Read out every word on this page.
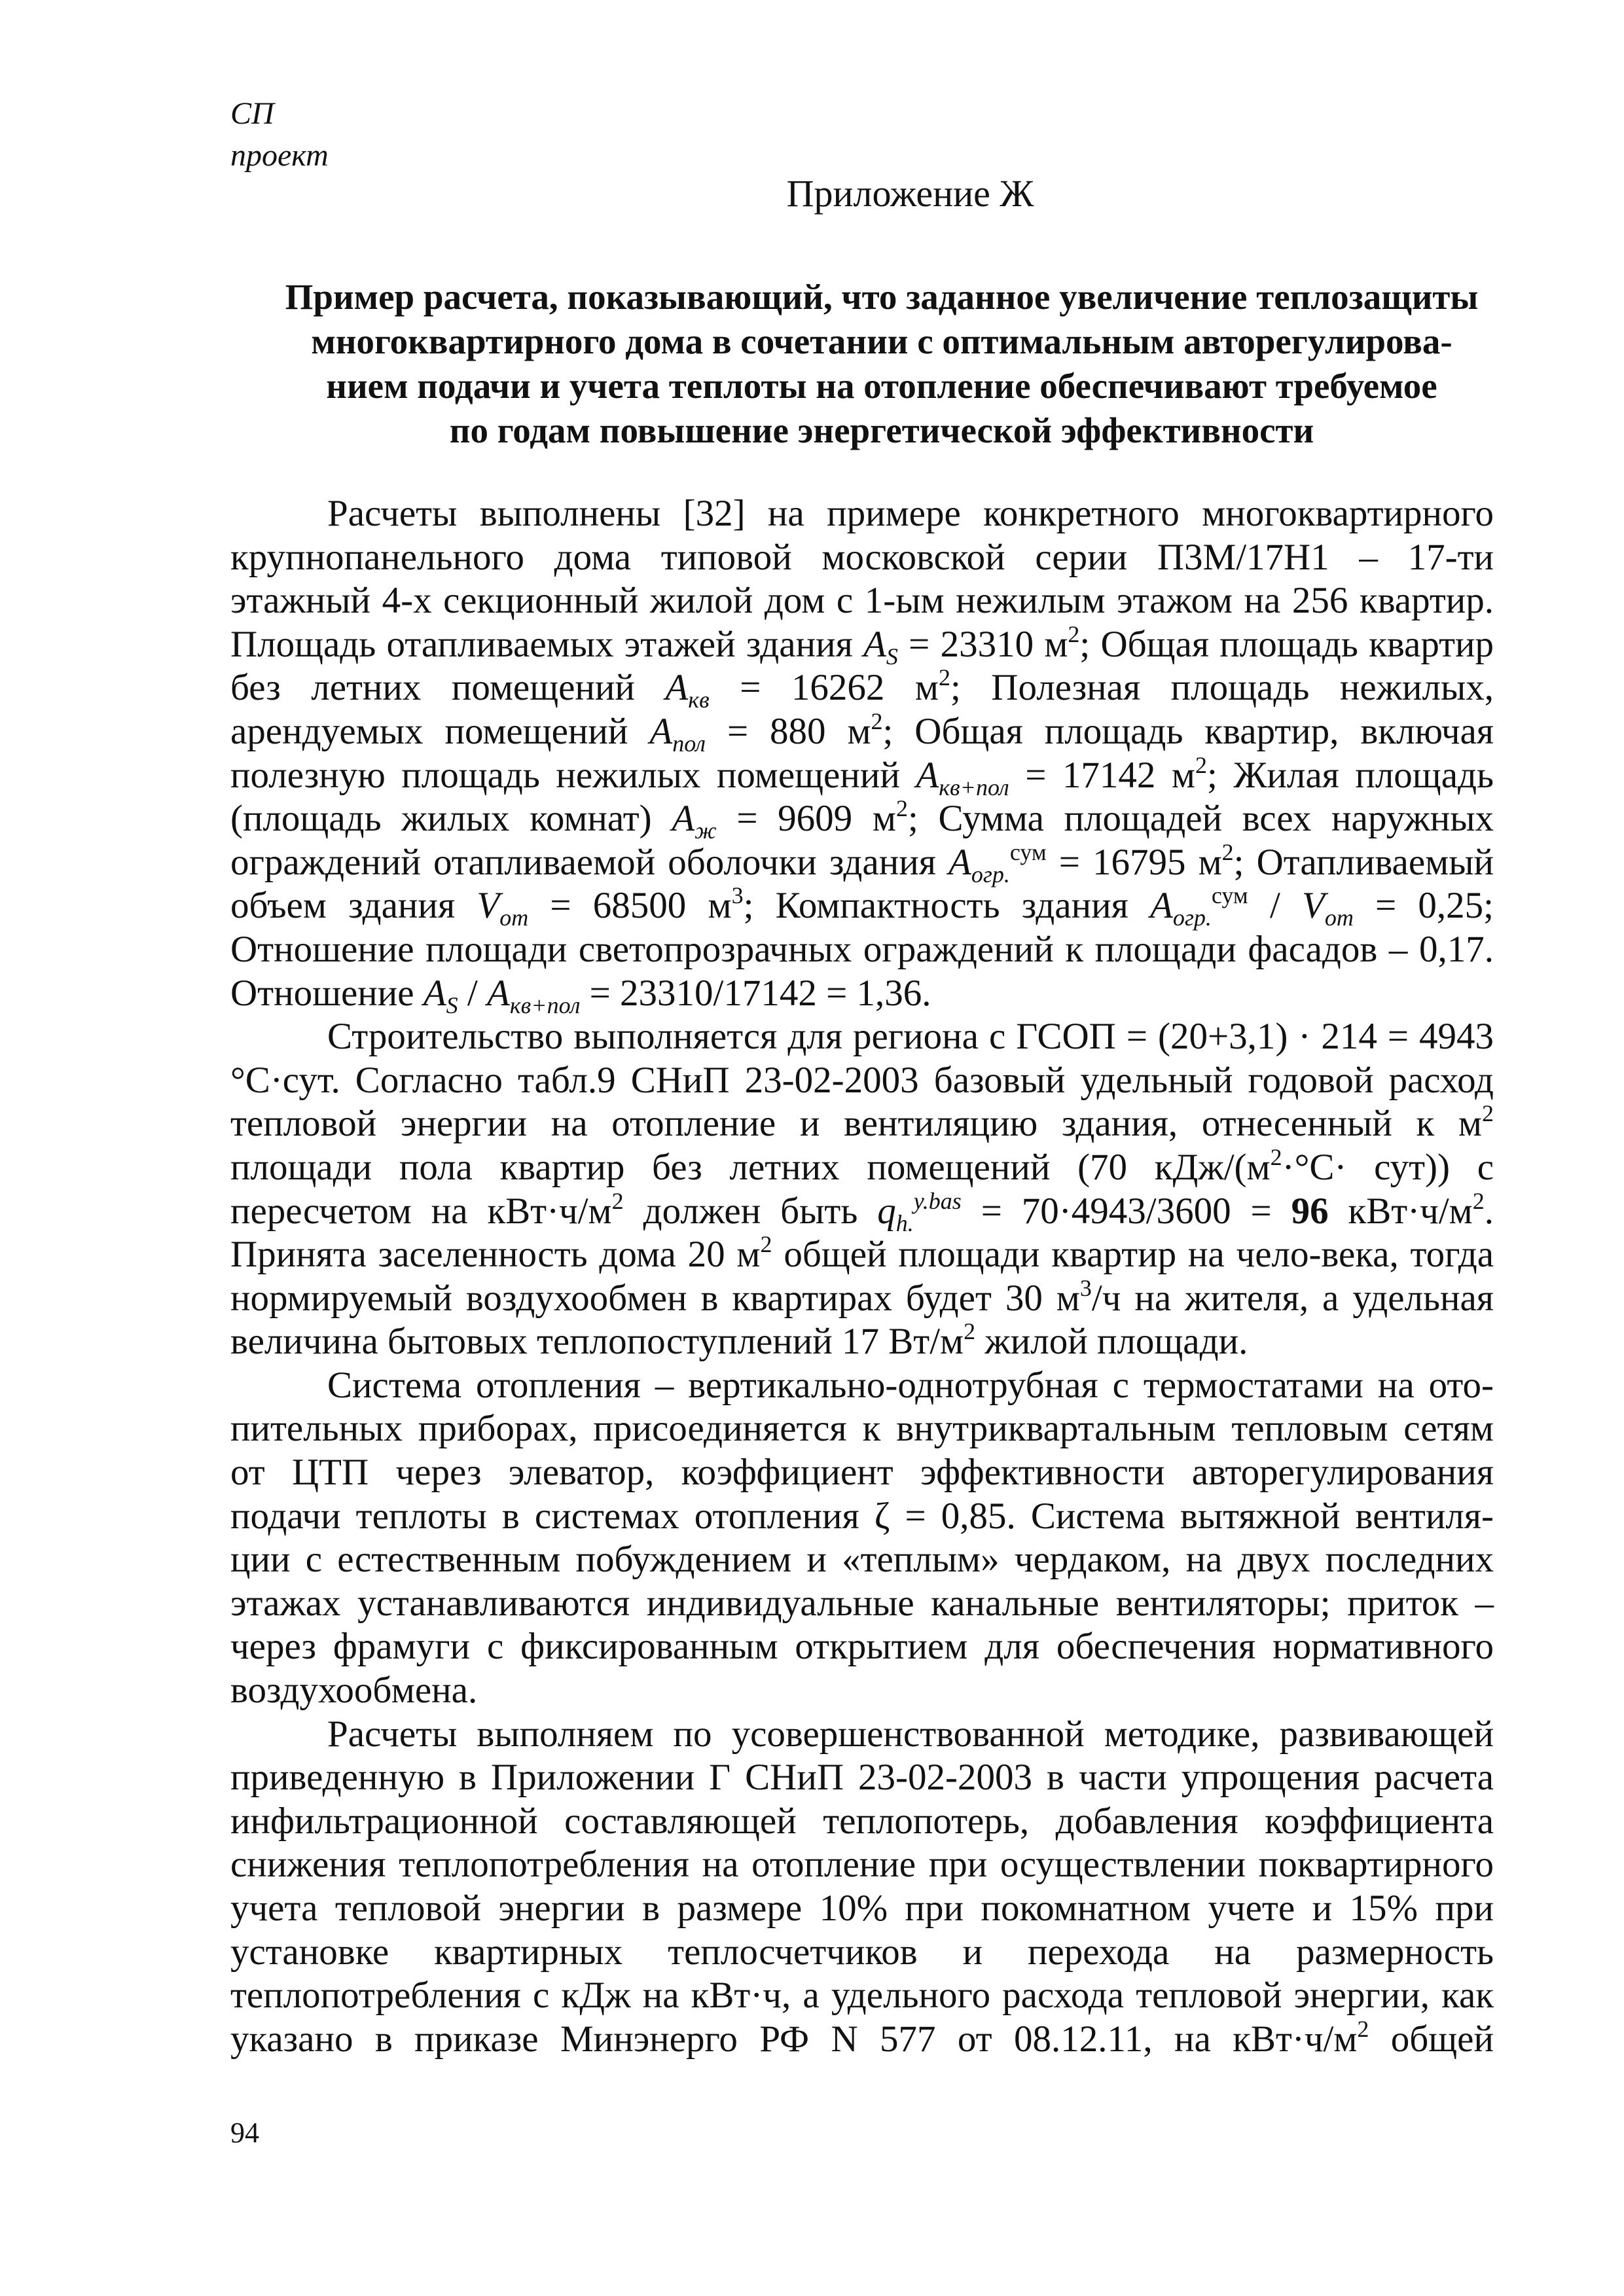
СП
проект
Приложение Ж
Пример расчета, показывающий, что заданное увеличение теплозащиты
многоквартирного дома в сочетании с оптимальным авторегулирова-
нием подачи и учета теплоты на отопление обеспечивают требуемое
по годам повышение энергетической эффективности

Расчеты выполнены [32] на примере конкретного многоквартирного крупнопанельного дома типовой московской серии П3М/17Н1 – 17-ти этажный 4-х секционный жилой дом с 1-ым нежилым этажом на 256 квартир. Площадь отапливаемых этажей здания $A_S = 23310$ $м^2$; Общая площадь квартир без летних помещений $A_{кв} = 16262$ $м^2$; Полезная площадь нежилых, арендуемых помещений $A_{пол} = 880$ $м^2$; Общая площадь квартир, включая полезную площадь нежилых помещений $A_{кв+пол} = 17142$ $м^2$; Жилая площадь (площадь жилых комнат) $A_ж = 9609$ $м^2$; Сумма площадей всех наружных ограждений отапливаемой оболочки здания $A_{огр.}^{сум} = 16795$ $м^2$; Отапливаемый объем здания $V_{от} = 68500$ $м^3$; Компактность здания $A_{огр.}^{сум} / V_{от} = 0,25$; Отношение площади светопрозрачных ограждений к площади фасадов – 0,17. Отношение $A_S / A_{кв+пол} = 23310/17142 = 1,36$.

Строительство выполняется для региона с ГСОП = (20+3,1) · 214 = 4943 °С·сут. Согласно табл.9 СНиП 23-02-2003 базовый удельный годовой расход тепловой энергии на отопление и вентиляцию здания, отнесенный к $м^2$ площади пола квартир без летних помещений (70 кДж/$(м^2\cdot^\circ С\cdot сут)$) с пересчетом на $кВт\cdot ч/м^2$ должен быть $q_{h.}^{y.bas} = 70\cdot 4943/3600 = 96$ $кВт\cdot ч/м^2$. Принята заселенность дома 20 $м^2$ общей площади квартир на чело-века, тогда нормируемый воздухообмен в квартирах будет 30 $м^3/ч$ на жителя, а удельная величина бытовых теплопоступлений 17 $Вт/м^2$ жилой площади.

Система отопления – вертикально-однотрубная с термостатами на ото-пительных приборах, присоединяется к внутриквартальным тепловым сетям от ЦТП через элеватор, коэффициент эффективности авторегулирования подачи теплоты в системах отопления ζ = 0,85. Система вытяжной вентиля-ции с естественным побуждением и «теплым» чердаком, на двух последних этажах устанавливаются индивидуальные канальные вентиляторы; приток – через фрамуги с фиксированным открытием для обеспечения нормативного воздухообмена.

Расчеты выполняем по усовершенствованной методике, развивающей приведенную в Приложении Г СНиП 23-02-2003 в части упрощения расчета инфильтрационной составляющей теплопотерь, добавления коэффициента снижения теплопотребления на отопление при осуществлении поквартирного учета тепловой энергии в размере 10% при покомнатном учете и 15% при установке квартирных теплосчетчиков и перехода на размерность теплопотребления с кДж на кВт·ч, а удельного расхода тепловой энергии, как указано в приказе Минэнерго РФ N 577 от 08.12.11, на $кВт\cdot ч/м^2$ общей

94
